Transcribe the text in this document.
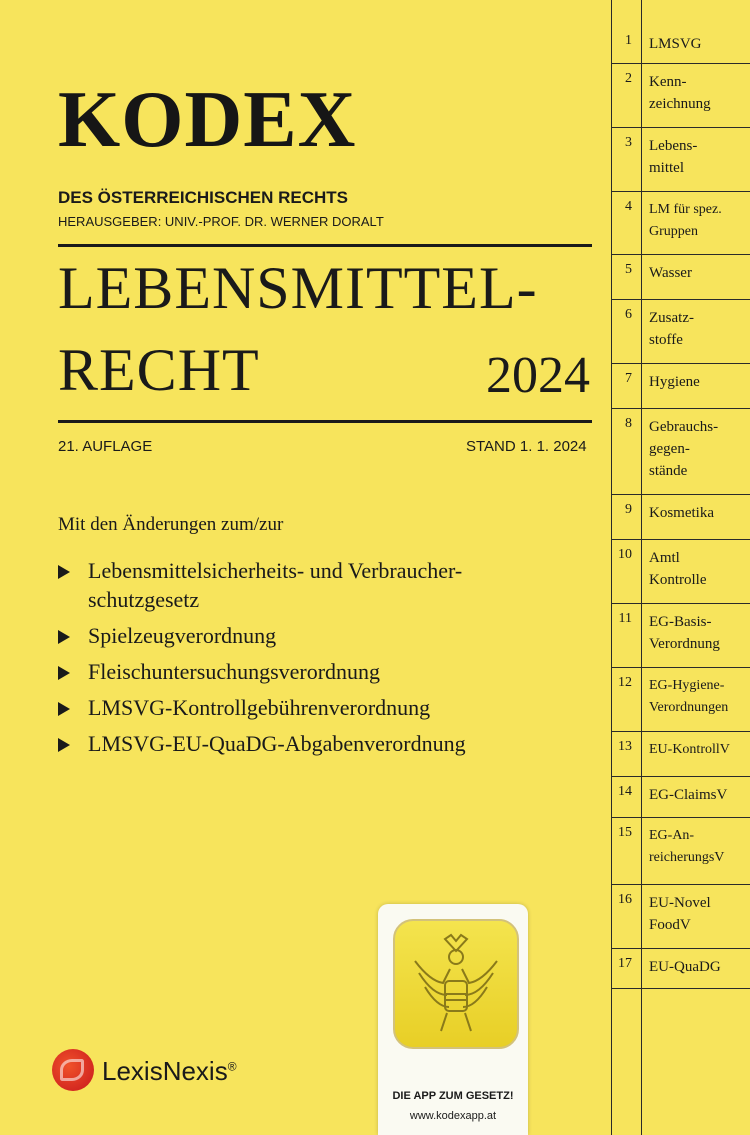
KODEX
DES ÖSTERREICHISCHEN RECHTS
HERAUSGEBER: UNIV.-PROF. DR. WERNER DORALT
LEBENSMITTEL-
RECHT	2024
21. AUFLAGE	STAND 1. 1. 2024
Mit den Änderungen zum/zur
Lebensmittelsicherheits- und Verbraucher-
schutzgesetz
Spielzeugverordnung
Fleischuntersuchungsverordnung
LMSVG-Kontrollgebührenverordnung
LMSVG-EU-QuaDG-Abgabenverordnung
1 LMSVG
2 Kenn-
zeichnung
3 Lebens-
mittel
4 LM für spez.
Gruppen
5 Wasser
6 Zusatz-
stoffe
7 Hygiene
8 Gebrauchs-
gegen-
stände
9 Kosmetika
10 Amtl
Kontrolle
11 EG-Basis-
Verordnung
12 EG-Hygiene-
Verordnungen
13 EU-KontrollV
14 EG-ClaimsV
15 EG-An-
reicherungsV
16 EU-Novel
FoodV
17 EU-QuaDG
LexisNexis®
DIE APP ZUM GESETZ!
www.kodexapp.at
